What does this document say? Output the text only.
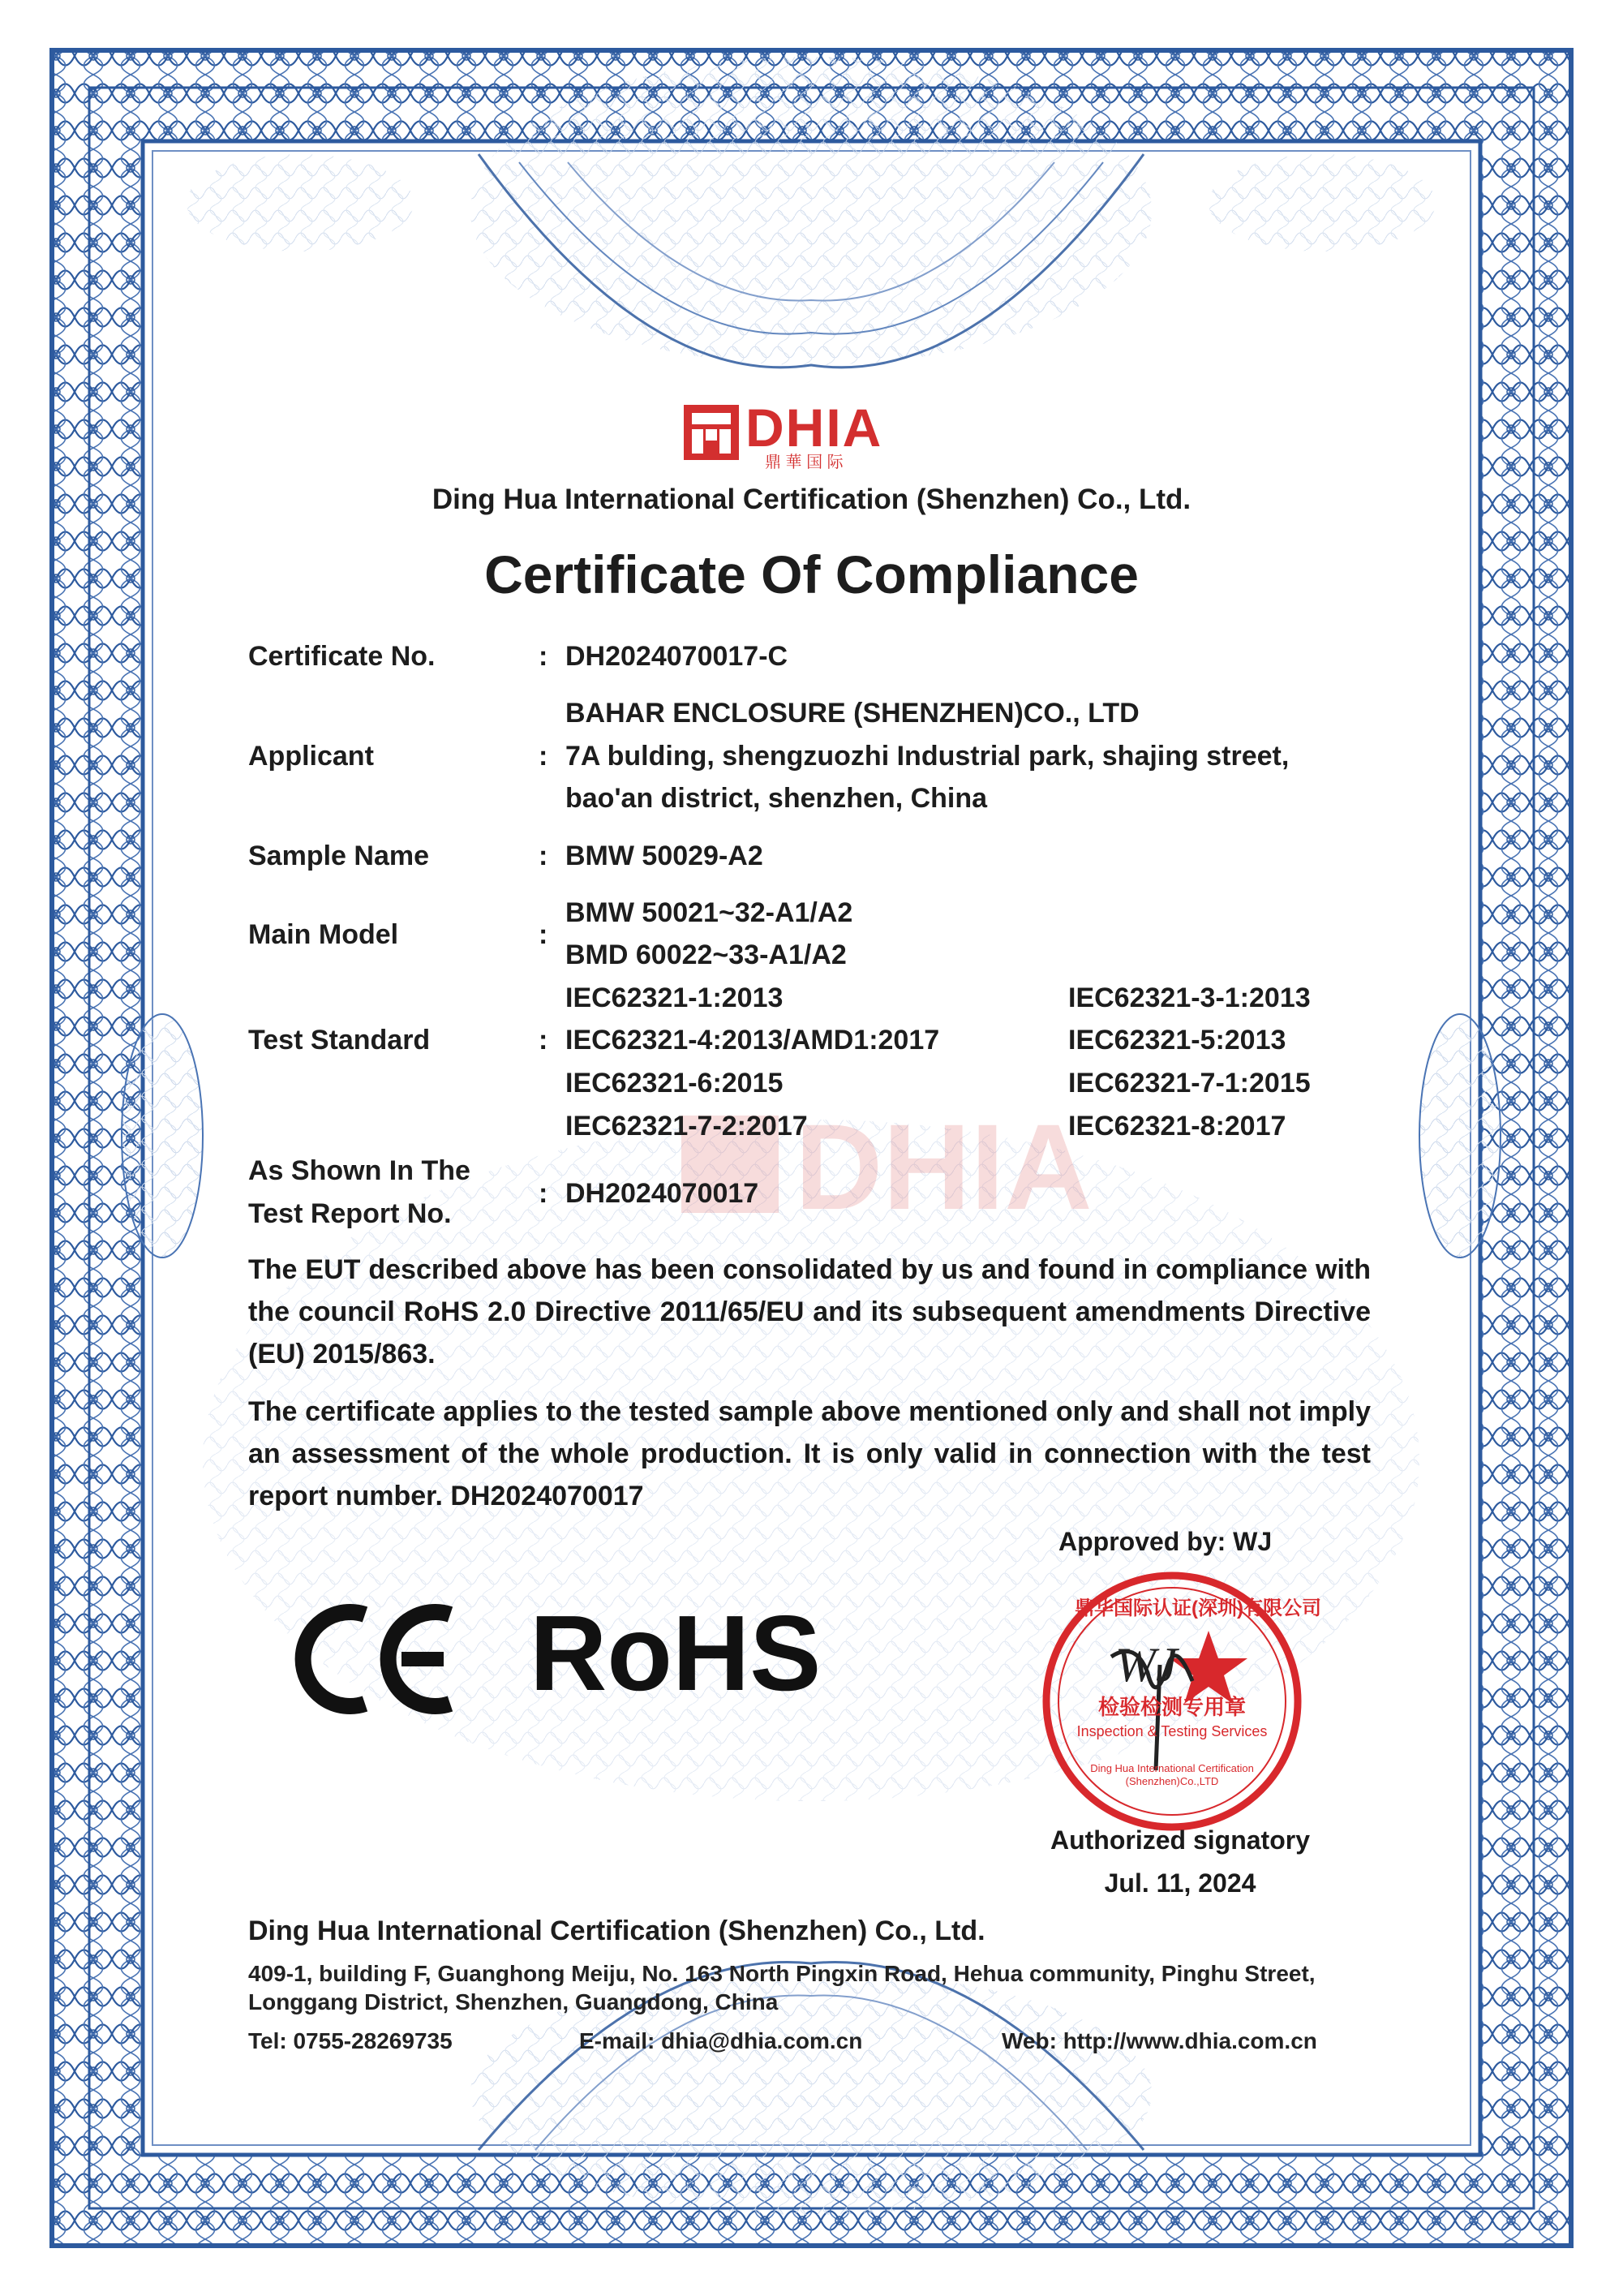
DHIA
DHIA
鼎 華 国 际
Ding Hua International Certification (Shenzhen) Co., Ltd.
Certificate Of Compliance
Certificate No.	: DH2024070017-C
BAHAR ENCLOSURE (SHENZHEN)CO., LTD
Applicant	: 7A bulding, shengzuozhi Industrial park, shajing street,
bao'an district, shenzhen, China
Sample Name	: BMW 50029-A2
BMW 50021~32-A1/A2
Main Model	:
BMD 60022~33-A1/A2
IEC62321-1:2013	IEC62321-3-1:2013
Test Standard	: IEC62321-4:2013/AMD1:2017	IEC62321-5:2013
IEC62321-6:2015	IEC62321-7-1:2015
IEC62321-7-2:2017	IEC62321-8:2017
As Shown In The
Test Report No.
: DH2024070017
The EUT described above has been consolidated by us and found in compliance with the council RoHS 2.0 Directive 2011/65/EU and its subsequent amendments Directive (EU) 2015/863.
The certificate applies to the tested sample above mentioned only and shall not imply an assessment of the whole production. It is only valid in connection with the test report number. DH2024070017
Approved by: WJ
RoHS	鼎华国际认证(深圳)有限公司
检验检测专用章
Inspection & Testing Services
Ding Hua International Certification (Shenzhen)Co.,LTD
WJ
Authorized signatory
Jul. 11, 2024
Ding Hua International Certification (Shenzhen) Co., Ltd.
409-1, building F, Guanghong Meiju, No. 163 North Pingxin Road, Hehua community, Pinghu Street,
Longgang District, Shenzhen, Guangdong, China
Tel: 0755-28269735	E-mail: dhia@dhia.com.cn	Web: http://www.dhia.com.cn
